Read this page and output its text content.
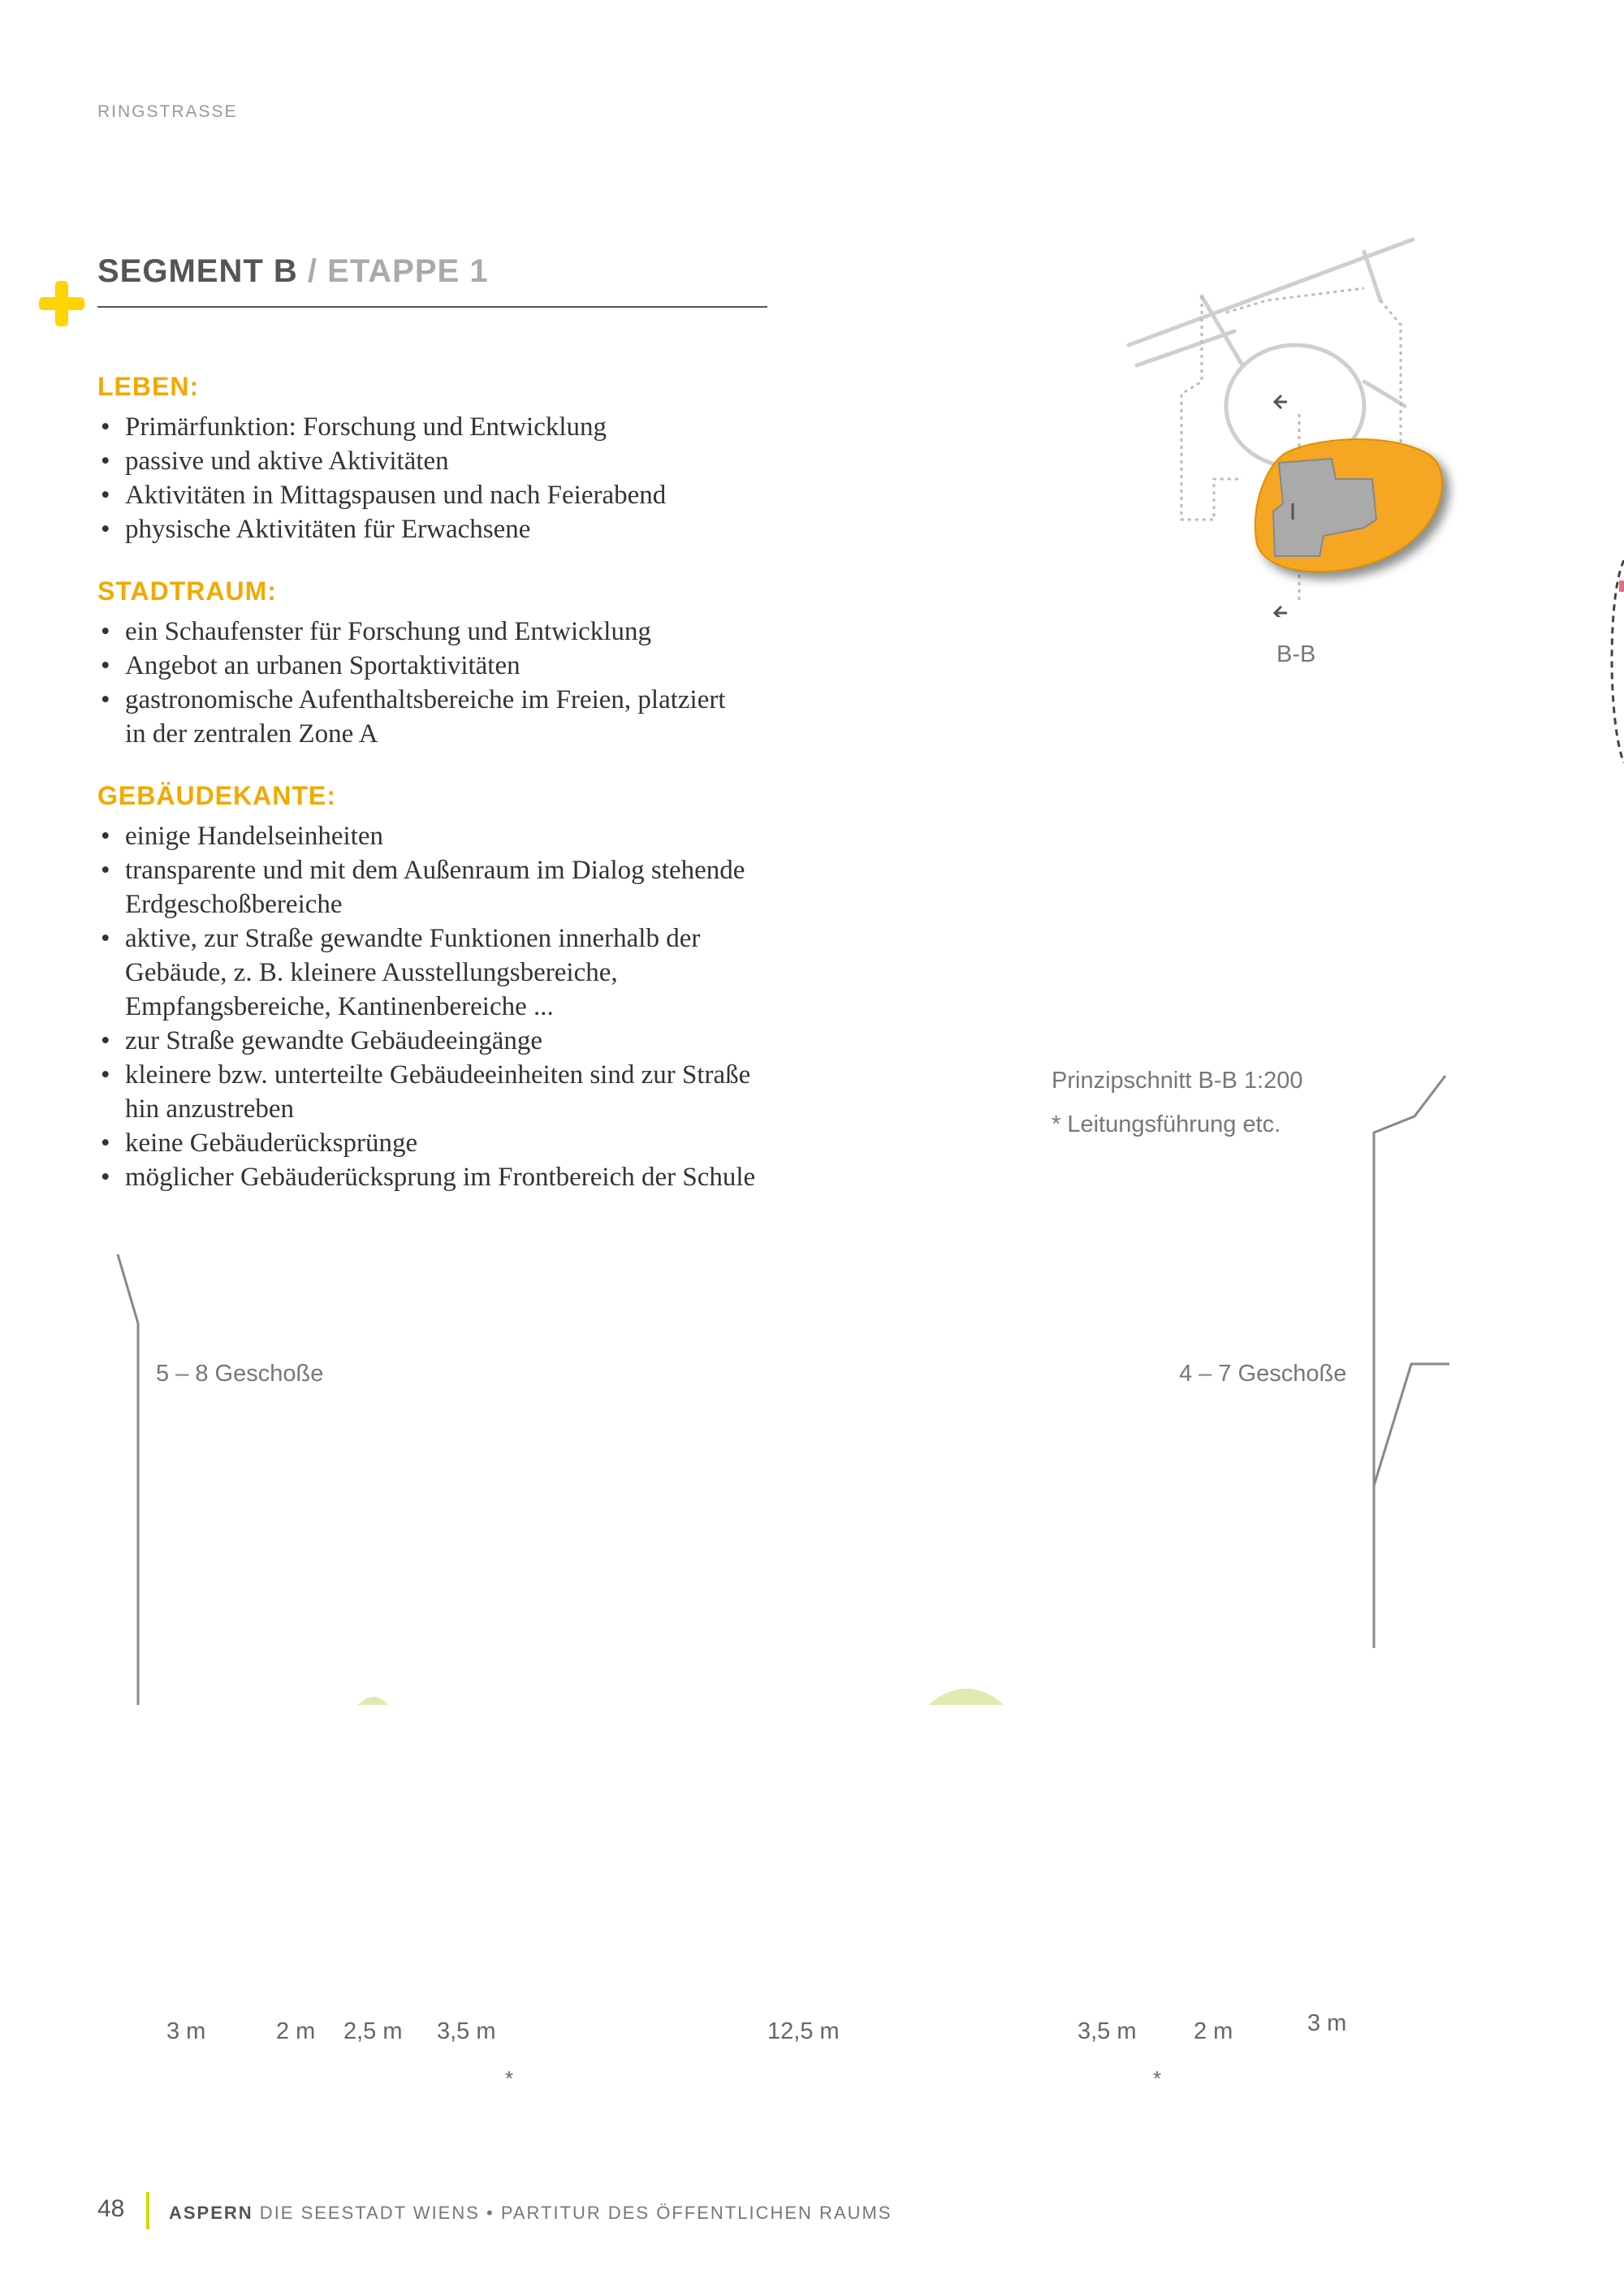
RINGSTRASSE
SEGMENT B / ETAPPE 1
LEBEN:
• Primärfunktion: Forschung und Entwicklung
• passive und aktive Aktivitäten
• Aktivitäten in Mittagspausen und nach Feierabend
• physische Aktivitäten für Erwachsene
STADTRAUM:
• ein Schaufenster für Forschung und Entwicklung
• Angebot an urbanen Sportaktivitäten
• gastronomische Aufenthaltsbereiche im Freien, platziert in der zentralen Zone A
GEBÄUDEKANTE:
• einige Handelseinheiten
• transparente und mit dem Außenraum im Dialog stehende Erdgeschoßbereiche
• aktive, zur Straße gewandte Funktionen innerhalb der Gebäude, z. B. kleinere Ausstellungsbereiche, Empfangsbereiche, Kantinenbereiche ...
• zur Straße gewandte Gebäudeeingänge
• kleinere bzw. unterteilte Gebäudeeinheiten sind zur Straße hin anzustreben
• keine Gebäuderücksprünge
• möglicher Gebäuderücksprung im Frontbereich der Schule
B-B
Prinzipschnitt B-B 1:200
* Leitungsführung etc.
5 – 8 Geschoße	4 – 7 Geschoße
3 m	2 m 2,5 m 3,5 m	12,5 m	3,5 m 2 m	3 m
*	*
48 ASPERN DIE SEESTADT WIENS • PARTITUR DES ÖFFENTLICHEN RAUMS
